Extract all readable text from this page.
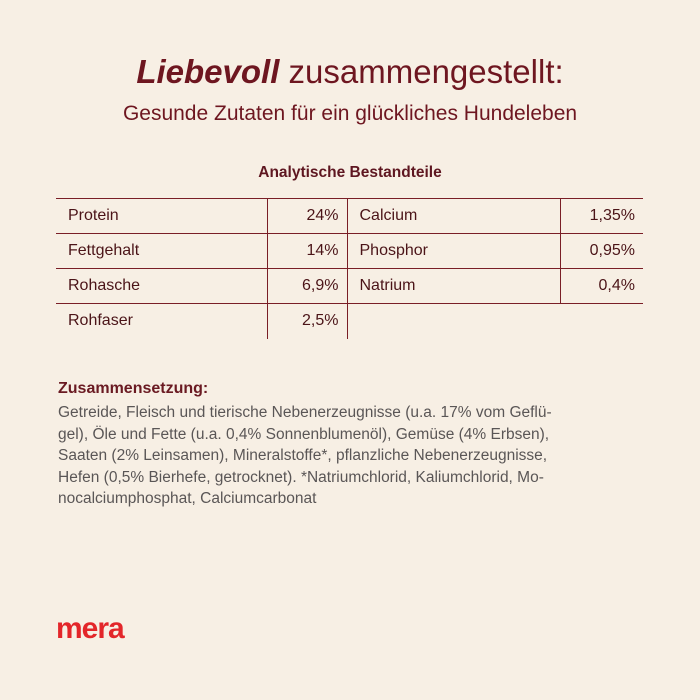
Liebevoll zusammengestellt:
Gesunde Zutaten für ein glückliches Hundeleben
Analytische Bestandteile
Protein	24%	Calcium	1,35%
Fettgehalt	14%	Phosphor	0,95%
Rohasche	6,9%	Natrium	0,4%
Rohfaser	2,5%		
Zusammensetzung:
Getreide, Fleisch und tierische Nebenerzeugnisse (u.a. 17% vom Geflü-
gel), Öle und Fette (u.a. 0,4% Sonnenblumenöl), Gemüse (4% Erbsen),
Saaten (2% Leinsamen), Mineralstoffe*, pflanzliche Nebenerzeugnisse,
Hefen (0,5% Bierhefe, getrocknet). *Natriumchlorid, Kaliumchlorid, Mo-
nocalciumphosphat, Calciumcarbonat
mera
